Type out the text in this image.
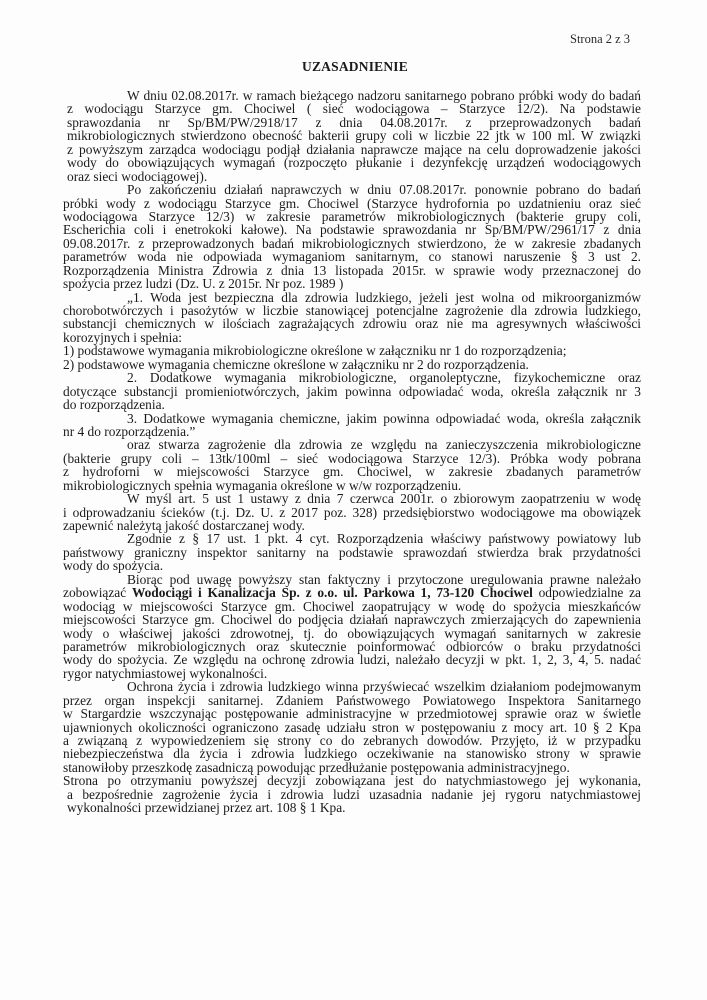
Strona 2 z 3
UZASADNIENIE
W dniu 02.08.2017r. w ramach bieżącego nadzoru sanitarnego pobrano próbki wody do badań
z wodociągu Starzyce gm. Chociwel ( sieć wodociągowa – Starzyce 12/2). Na podstawie
sprawozdania nr Sp/BM/PW/2918/17 z dnia 04.08.2017r. z przeprowadzonych badań
mikrobiologicznych stwierdzono obecność bakterii grupy coli w liczbie 22 jtk w 100 ml. W związki
z powyższym zarządca wodociągu podjął działania naprawcze mające na celu doprowadzenie jakości
wody do obowiązujących wymagań (rozpoczęto płukanie i dezynfekcję urządzeń wodociągowych
oraz sieci wodociągowej).
Po zakończeniu działań naprawczych w dniu 07.08.2017r. ponownie pobrano do badań
próbki wody z wodociągu Starzyce gm. Chociwel (Starzyce hydrofornia po uzdatnieniu oraz sieć
wodociągowa Starzyce 12/3) w zakresie parametrów mikrobiologicznych (bakterie grupy coli,
Escherichia coli i enetrokoki kałowe). Na podstawie sprawozdania nr Sp/BM/PW/2961/17 z dnia
09.08.2017r. z przeprowadzonych badań mikrobiologicznych stwierdzono, że w zakresie zbadanych
parametrów woda nie odpowiada wymaganiom sanitarnym, co stanowi naruszenie § 3 ust 2.
Rozporządzenia Ministra Zdrowia z dnia 13 listopada 2015r. w sprawie wody przeznaczonej do
spożycia przez ludzi (Dz. U. z 2015r. Nr poz. 1989 )
„1. Woda jest bezpieczna dla zdrowia ludzkiego, jeżeli jest wolna od mikroorganizmów
chorobotwórczych i pasożytów w liczbie stanowiącej potencjalne zagrożenie dla zdrowia ludzkiego,
substancji chemicznych w ilościach zagrażających zdrowiu oraz nie ma agresywnych właściwości
korozyjnych i spełnia:
1) podstawowe wymagania mikrobiologiczne określone w załączniku nr 1 do rozporządzenia;
2) podstawowe wymagania chemiczne określone w załączniku nr 2 do rozporządzenia.
2. Dodatkowe wymagania mikrobiologiczne, organoleptyczne, fizykochemiczne oraz
dotyczące substancji promieniotwórczych, jakim powinna odpowiadać woda, określa załącznik nr 3
do rozporządzenia.
3. Dodatkowe wymagania chemiczne, jakim powinna odpowiadać woda, określa załącznik
nr 4 do rozporządzenia.”
oraz stwarza zagrożenie dla zdrowia ze względu na zanieczyszczenia mikrobiologiczne
(bakterie grupy coli – 13tk/100ml – sieć wodociągowa Starzyce 12/3). Próbka wody pobrana
z hydroforni w miejscowości Starzyce gm. Chociwel, w zakresie zbadanych parametrów
mikrobiologicznych spełnia wymagania określone w w/w rozporządzeniu.
W myśl art. 5 ust 1 ustawy z dnia 7 czerwca 2001r. o zbiorowym zaopatrzeniu w wodę
i odprowadzaniu ścieków (t.j. Dz. U. z 2017 poz. 328) przedsiębiorstwo wodociągowe ma obowiązek
zapewnić należytą jakość dostarczanej wody.
Zgodnie z § 17 ust. 1 pkt. 4 cyt. Rozporządzenia właściwy państwowy powiatowy lub
państwowy graniczny inspektor sanitarny na podstawie sprawozdań stwierdza brak przydatności
wody do spożycia.
Biorąc pod uwagę powyższy stan faktyczny i przytoczone uregulowania prawne należało
zobowiązać Wodociągi i Kanalizacja Sp. z o.o. ul. Parkowa 1, 73-120 Chociwel odpowiedzialne za
wodociąg w miejscowości Starzyce gm. Chociwel zaopatrujący w wodę do spożycia mieszkańców
miejscowości Starzyce gm. Chociwel do podjęcia działań naprawczych zmierzających do zapewnienia
wody o właściwej jakości zdrowotnej, tj. do obowiązujących wymagań sanitarnych w zakresie
parametrów mikrobiologicznych oraz skutecznie poinformować odbiorców o braku przydatności
wody do spożycia. Ze względu na ochronę zdrowia ludzi, należało decyzji w pkt. 1, 2, 3, 4, 5. nadać
rygor natychmiastowej wykonalności.
Ochrona życia i zdrowia ludzkiego winna przyświecać wszelkim działaniom podejmowanym
przez organ inspekcji sanitarnej. Zdaniem Państwowego Powiatowego Inspektora Sanitarnego
w Stargardzie wszczynając postępowanie administracyjne w przedmiotowej sprawie oraz w świetle
ujawnionych okoliczności ograniczono zasadę udziału stron w postępowaniu z mocy art. 10 § 2 Kpa
a związaną z wypowiedzeniem się strony co do zebranych dowodów. Przyjęto, iż w przypadku
niebezpieczeństwa dla życia i zdrowia ludzkiego oczekiwanie na stanowisko strony w sprawie
stanowiłoby przeszkodę zasadniczą powodując przedłużanie postępowania administracyjnego.
Strona po otrzymaniu powyższej decyzji zobowiązana jest do natychmiastowego jej wykonania,
a bezpośrednie zagrożenie życia i zdrowia ludzi uzasadnia nadanie jej rygoru natychmiastowej
wykonalności przewidzianej przez art. 108 § 1 Kpa.
